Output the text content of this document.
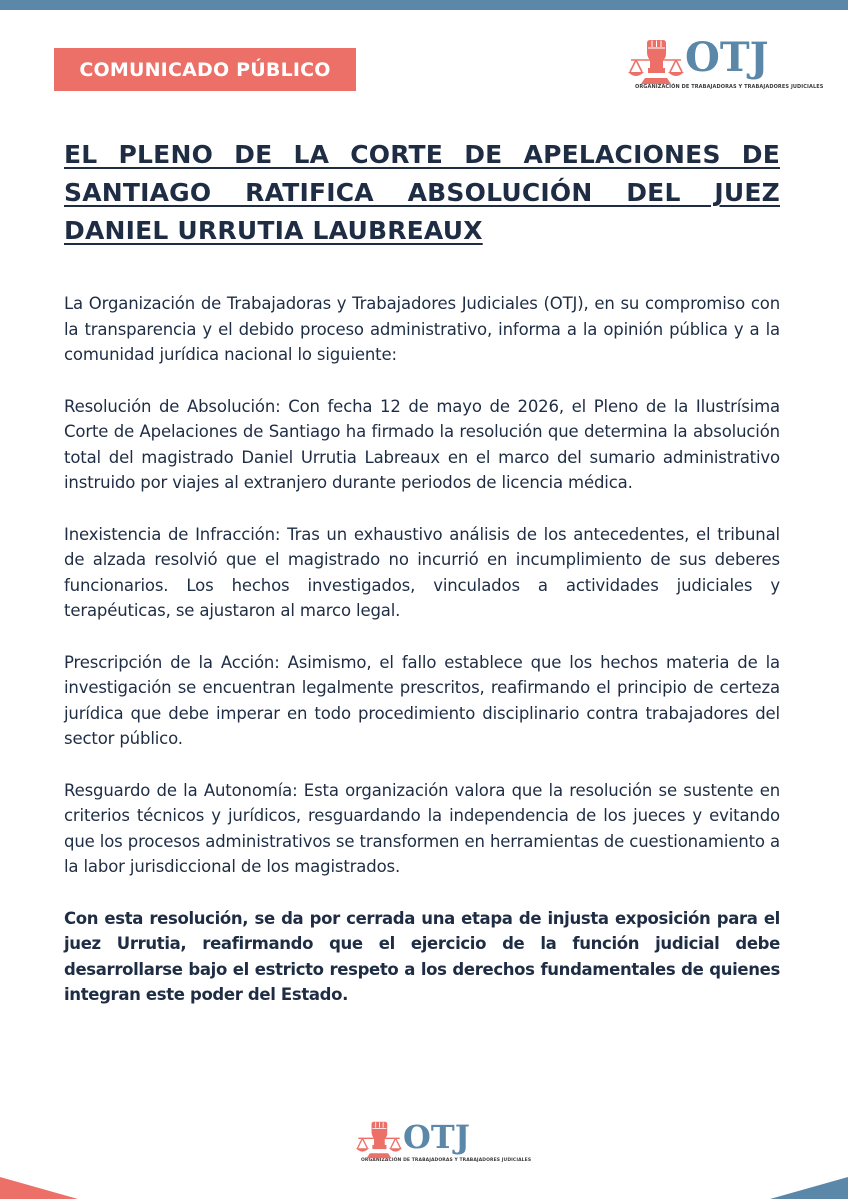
COMUNICADO PÚBLICO	OTJ
ORGANIZACIÓN DE TRABAJADORAS Y TRABAJADORES JUDICIALES
EL PLENO DE LA CORTE DE APELACIONES DE SANTIAGO RATIFICA ABSOLUCIÓN DEL JUEZ DANIEL URRUTIA LAUBREAUX

La Organización de Trabajadoras y Trabajadores Judiciales (OTJ), en su compromiso con la transparencia y el debido proceso administrativo, informa a la opinión pública y a la comunidad jurídica nacional lo siguiente:

Resolución de Absolución: Con fecha 12 de mayo de 2026, el Pleno de la Ilustrísima Corte de Apelaciones de Santiago ha firmado la resolución que determina la absolución total del magistrado Daniel Urrutia Labreaux en el marco del sumario administrativo instruido por viajes al extranjero durante periodos de licencia médica.

Inexistencia de Infracción: Tras un exhaustivo análisis de los antecedentes, el tribunal de alzada resolvió que el magistrado no incurrió en incumplimiento de sus deberes funcionarios. Los hechos investigados, vinculados a actividades judiciales y terapéuticas, se ajustaron al marco legal.

Prescripción de la Acción: Asimismo, el fallo establece que los hechos materia de la investigación se encuentran legalmente prescritos, reafirmando el principio de certeza jurídica que debe imperar en todo procedimiento disciplinario contra trabajadores del sector público.

Resguardo de la Autonomía: Esta organización valora que la resolución se sustente en criterios técnicos y jurídicos, resguardando la independencia de los jueces y evitando que los procesos administrativos se transformen en herramientas de cuestionamiento a la labor jurisdiccional de los magistrados.

Con esta resolución, se da por cerrada una etapa de injusta exposición para el juez Urrutia, reafirmando que el ejercicio de la función judicial debe desarrollarse bajo el estricto respeto a los derechos fundamentales de quienes integran este poder del Estado.

OTJ
ORGANIZACIÓN DE TRABAJADORAS Y TRABAJADORES JUDICIALES
